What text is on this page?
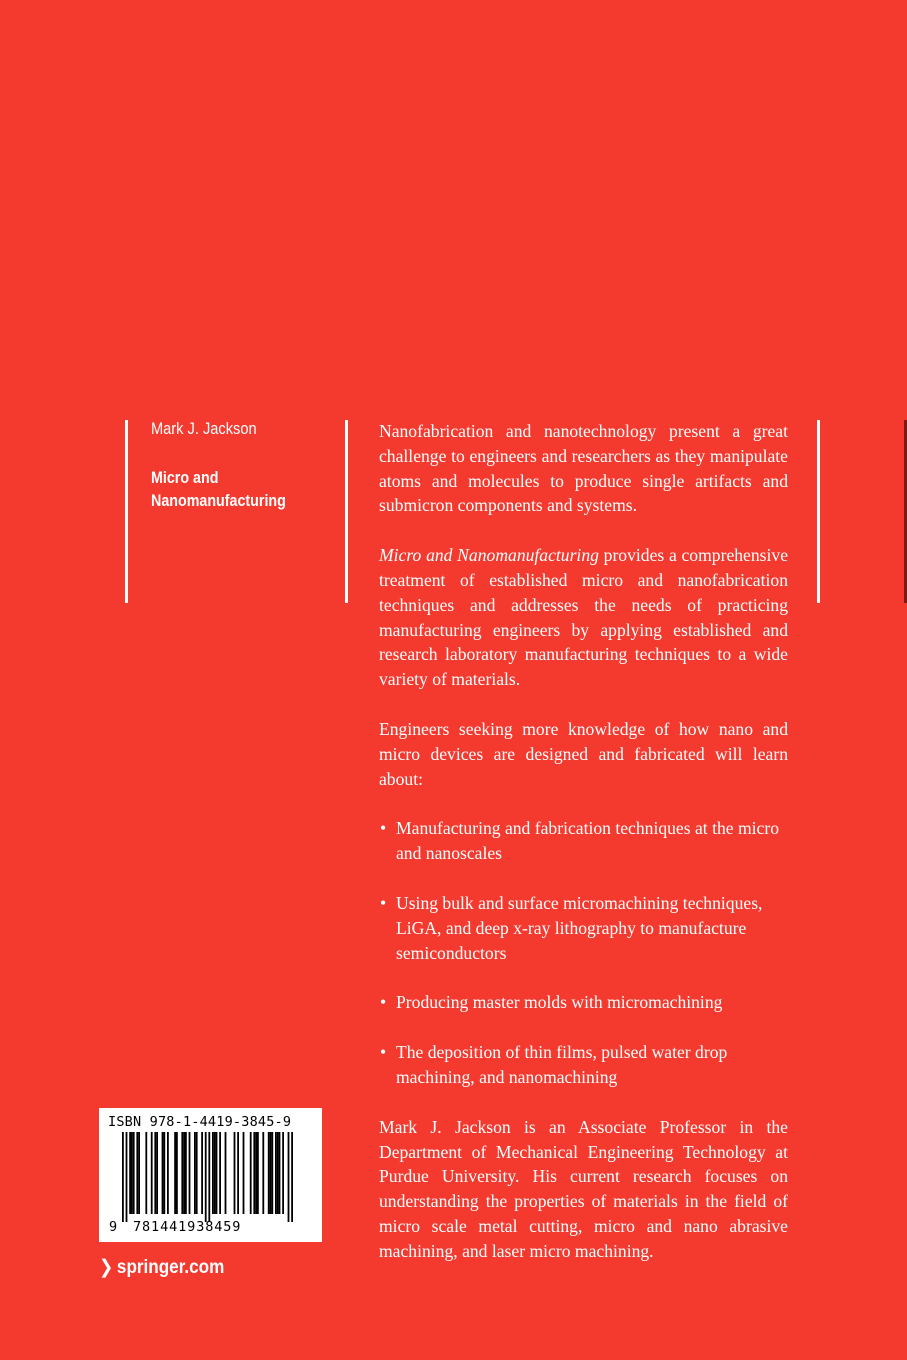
Mark J. Jackson
Micro and
Nanomanufacturing

Nanofabrication and nanotechnology present a great challenge to engineers and researchers as they manipulate atoms and molecules to produce single artifacts and submicron components and systems.

Micro and Nanomanufacturing provides a comprehensive treatment of established micro and nanofabrication techniques and addresses the needs of practicing manufacturing engineers by applying established and research laboratory manufacturing techniques to a wide variety of materials.

Engineers seeking more knowledge of how nano and micro devices are designed and fabricated will learn about:

• Manufacturing and fabrication techniques at the micro and nanoscales
• Using bulk and surface micromachining techniques, LiGA, and deep x-ray lithography to manufacture semiconductors
• Producing master molds with micromachining
• The deposition of thin films, pulsed water drop machining, and nanomachining

Mark J. Jackson is an Associate Professor in the Department of Mechanical Engineering Technology at Purdue University. His current research focuses on understanding the properties of materials in the field of micro scale metal cutting, micro and nano abrasive machining, and laser micro machining.

ISBN 978-1-4419-3845-9
9 781441938459
❯ springer.com
